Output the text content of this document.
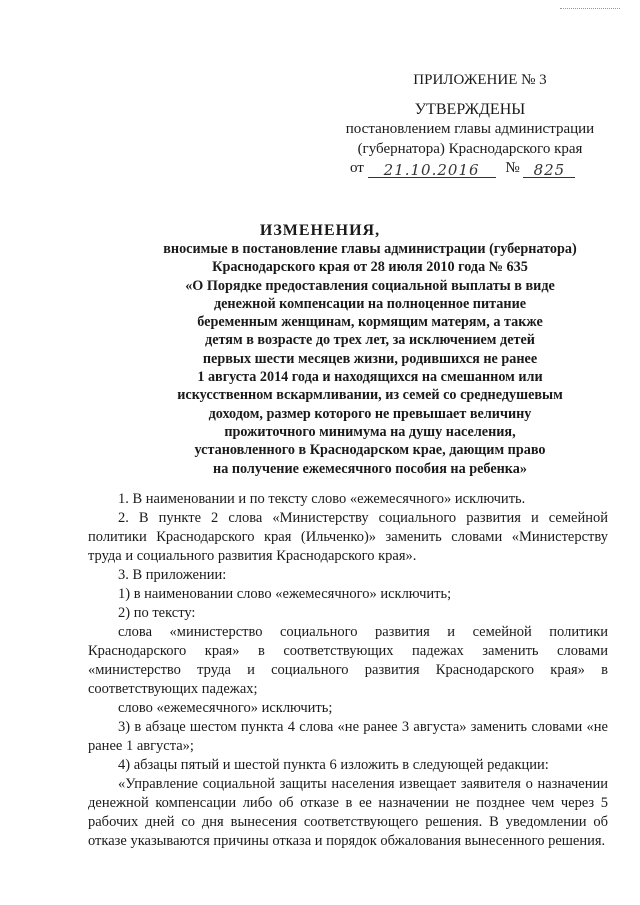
ПРИЛОЖЕНИЕ № 3
УТВЕРЖДЕНЫ
постановлением главы администрации
(губернатора) Краснодарского края
от 21.10.2016 № 825
ИЗМЕНЕНИЯ,
вносимые в постановление главы администрации (губернатора)
Краснодарского края от 28 июля 2010 года № 635
«О Порядке предоставления социальной выплаты в виде
денежной компенсации на полноценное питание
беременным женщинам, кормящим матерям, а также
детям в возрасте до трех лет, за исключением детей
первых шести месяцев жизни, родившихся не ранее
1 августа 2014 года и находящихся на смешанном или
искусственном вскармливании, из семей со среднедушевым
доходом, размер которого не превышает величину
прожиточного минимума на душу населения,
установленного в Краснодарском крае, дающим право
на получение ежемесячного пособия на ребенка»

1. В наименовании и по тексту слово «ежемесячного» исключить.

2. В пункте 2 слова «Министерству социального развития и семейной политики Краснодарского края (Ильченко)» заменить словами «Министерству труда и социального развития Краснодарского края».

3. В приложении:

1) в наименовании слово «ежемесячного» исключить;

2) по тексту:

слова «министерство социального развития и семейной политики Краснодарского края» в соответствующих падежах заменить словами «министерство труда и социального развития Краснодарского края» в соответствующих падежах;

слово «ежемесячного» исключить;

3) в абзаце шестом пункта 4 слова «не ранее 3 августа» заменить словами «не ранее 1 августа»;

4) абзацы пятый и шестой пункта 6 изложить в следующей редакции:

«Управление социальной защиты населения извещает заявителя о назначении денежной компенсации либо об отказе в ее назначении не позднее чем через 5 рабочих дней со дня вынесения соответствующего решения. В уведомлении об отказе указываются причины отказа и порядок обжалования вынесенного решения.
